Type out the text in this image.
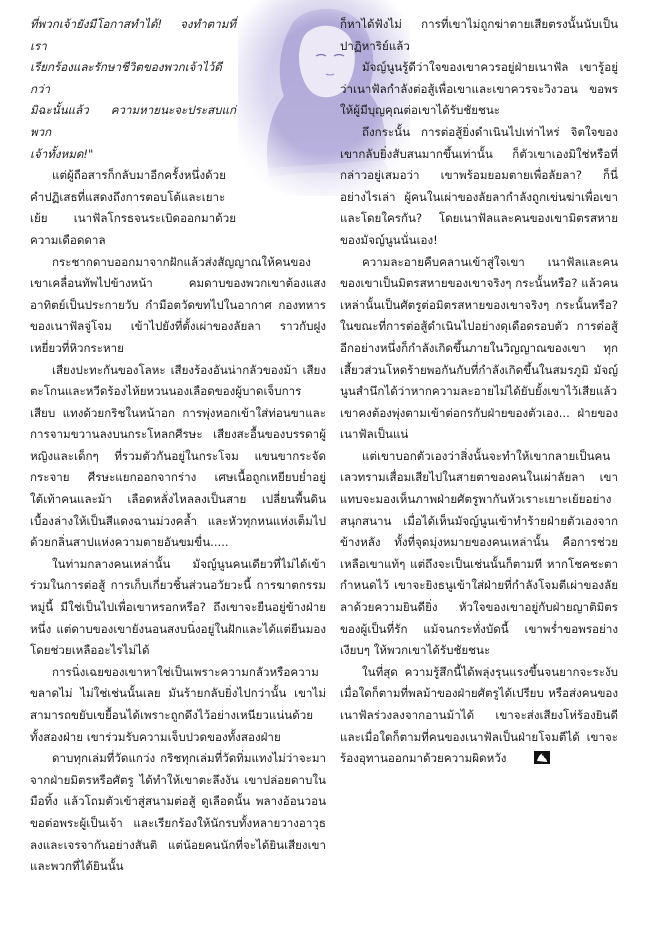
ที่พวกเจ้ายังมีโอกาสทำได้! จงทำตามที่เรา

เรียกร้องและรักษาชีวิตของพวกเจ้าไว้ดีกว่า

มิฉะนั้นแล้ว ความหายนะจะประสบแก่พวก

เจ้าทั้งหมด!"

แต่ผู้ถือสารก็กลับมาอีกครั้งหนึ่งด้วยคำปฏิเสธที่แสดงถึงการตอบโต้และเยาะเย้ย เนาฟัลโกรธจนระเบิดออกมาด้วยความเดือดดาล

กระชากดาบออกมาจากฝักแล้วส่งสัญญาณให้คนของเขาเคลื่อนทัพไปข้างหน้า คมดาบของพวกเขาต้องแสงอาทิตย์เป็นประกายวับ กำมือตวัดขทไปในอากาศ กองทหารของเนาฟัลจู่โจม เข้าไปยังที่ตั้งเผ่าของลัยลา ราวกับฝูงเหยี่ยวที่หิวกระหาย

เสียงปะทะกันของโลหะ เสียงร้องอันน่ากลัวของม้า เสียงตะโกนและหวีดร้องไห้ยหวนนองเลือดของผู้บาดเจ็บการเสียบ แทงด้วยกริชในหน้าอก การพุ่งหอกเข้าใส่ท่อนขาและการจามขวานลงบนกระโหลกศีรษะ เสียงสะอื้นของบรรดาผู้หญิงและเด็กๆ ที่รวมตัวกันอยู่ในกระโจม แขนขากระจัดกระจาย ศีรษะแยกออกจากร่าง เศษเนื้อถูกเหยียบย่ำอยู่ใต้เท้าคนและม้า เลือดหลั่งไหลลงเป็นสาย เปลี่ยนพื้นดินเบื้องล่างให้เป็นสีแดงฉานม่วงคล้ำ และหัวทุกหนแห่งเต็มไปด้วยกลิ่นสาปแห่งความตายอันขมขื่น.....

ในท่ามกลางคนเหล่านั้น มัจญ์นูนคนเดียวที่ไม่ได้เข้าร่วมในการต่อสู้ การเก็บเกี่ยวชิ้นส่วนอวัยวะนี้ การฆาตกรรมหมู่นี้ มีใช่เป็นไปเพื่อเขาหรอกหรือ? ถึงเขาจะยืนอยู่ข้างฝ่ายหนึ่ง แต่ดาบของเขายังนอนสงบนิ่งอยู่ในฝักและได้แต่ยืนมองโดยช่วยเหลืออะไรไม่ได้

การนิ่งเฉยของเขาหาใช่เป็นเพราะความกลัวหรือความขลาดไม่ ไม่ใช่เช่นนั้นเลย มันร้ายกลับยิ่งไปกว่านั้น เขาไม่สามารถขยับเขยื้อนได้เพราะถูกดึงไว้อย่างเหนียวแน่นด้วยทั้งสองฝ่าย เขาร่วมรับความเจ็บปวดของทั้งสองฝ่าย

ดาบทุกเล่มที่วัดแกว่ง กริชทุกเล่มที่วัดทิ่มแทงไม่ว่าจะมาจากฝ่ายมิตรหรือศัตรู ได้ทำให้เขาตะลึงงัน เขาปล่อยดาบในมือทิ้ง แล้วโถมตัวเข้าสู่สนามต่อสู้ ดูเลือดนั้น พลางอ้อนวอนขอต่อพระผู้เป็นเจ้า และเรียกร้องให้นักรบทั้งหลายวางอาวุธลงและเจรจากันอย่างสันติ แต่น้อยคนนักที่จะได้ยินเสียงเขา และพวกที่ได้ยินนั้น

ก็หาได้ฟังไม่ การที่เขาไม่ถูกฆ่าตายเสียตรงนั้นนับเป็นปาฏิหาริย์แล้ว

มัจญ์นูนรู้ดีว่าใจของเขาควรอยู่ฝ่ายเนาฟัล เขารู้อยู่ว่าเนาฟัลกำลังต่อสู้เพื่อเขาและเขาควรจะวิงวอน ขอพรให้ผู้มีบุญคุณต่อเขาได้รับชัยชนะ

ถึงกระนั้น การต่อสู้ยิ่งดำเนินไปเท่าไหร่ จิตใจของเขากลับยิ่งสับสนมากขึ้นเท่านั้น ก็ตัวเขาเองมิใช่หรือที่กล่าวอยู่เสมอว่า เขาพร้อมยอมตายเพื่อลัยลา? ก็นี่อย่างไรเล่า ผู้คนในเผ่าของลัยลากำลังถูกเข่นฆ่าเพื่อเขา และโดยใครกัน? โดยเนาฟัลและคนของเขามิตรสหายของมัจญ์นูนนั่นเอง!

ความละอายคืบคลานเข้าสู่ใจเขา เนาฟัลและคนของเขาเป็นมิตรสหายของเขาจริงๆ กระนั้นหรือ? แล้วคนเหล่านั้นเป็นศัตรูต่อมิตรสหายของเขาจริงๆ กระนั้นหรือ? ในขณะที่การต่อสู้ดำเนินไปอย่างดุเดือดรอบตัว การต่อสู้อีกอย่างหนึ่งก็กำลังเกิดขึ้นภายในวิญญาณของเขา ทุกเสี้ยวส่วนโหดร้ายพอกันกับที่กำลังเกิดขึ้นในสมรภูมิ มัจญ์นูนสำนึกได้ว่าหากความละอายไม่ได้ยับยั้งเขาไว้เสียแล้ว เขาคงต้องพุ่งตามเข้าต่อกรกับฝ่ายของตัวเอง... ฝ่ายของเนาฟัลเป็นแน่

แต่เขาบอกตัวเองว่าสิ่งนั้นจะทำให้เขากลายเป็นคนเลวทรามเสื่อมเสียไปในสายตาของคนในเผ่าลัยลา เขาแทบจะมองเห็นภาพฝ่ายศัตรูพากันหัวเราะเยาะเย้ยอย่างสนุกสนาน เมื่อได้เห็นมัจญ์นูนเข้าทำร้ายฝ่ายตัวเองจากข้างหลัง ทั้งที่จุดมุ่งหมายของคนเหล่านั้น คือการช่วยเหลือเขาแท้ๆ แต่ถึงจะเป็นเช่นนั้นก็ตามที หากโชคชะตากำหนดไว้ เขาจะยิงธนูเข้าใส่ฝ่ายที่กำลังโจมตีเผ่าของลัยลาด้วยความยินดียิ่ง หัวใจของเขาอยู่กับฝ่ายญาติมิตรของผู้เป็นที่รัก แม้จนกระทั่งบัดนี้ เขาพร่ำขอพรอย่างเงียบๆ ให้พวกเขาได้รับชัยชนะ

ในที่สุด ความรู้สึกนี้ได้พลุ่งรุนแรงขึ้นจนยากจะระงับ เมื่อใดก็ตามที่พลม้าของฝ่ายศัตรูได้เปรียบ หรือส่งคนของเนาฟัลร่วงลงจากอานม้าได้ เขาจะส่งเสียงโห่ร้องยินดี และเมื่อใดก็ตามที่คนของเนาฟัลเป็นฝ่ายโจมตีได้ เขาจะร้องอุทานออกมาด้วยความผิดหวัง
